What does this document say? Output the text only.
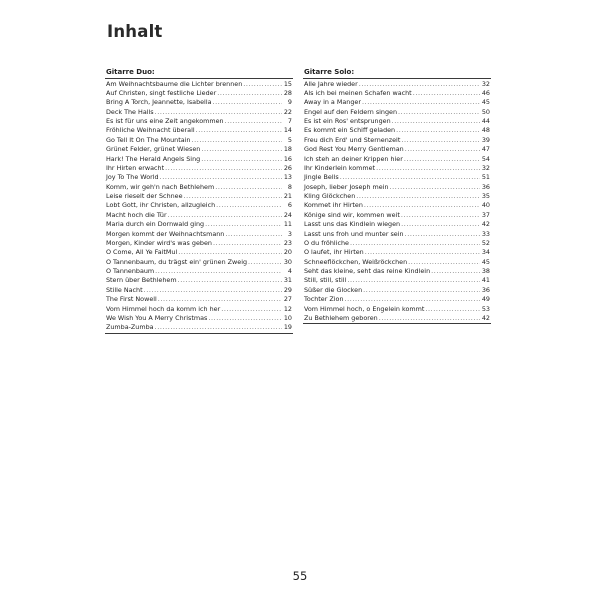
Inhalt
Gitarre Duo:
Am Weihnachtsbaume die Lichter brennen .....	15
Auf Christen, singt festliche Lieder .....	28
Bring A Torch, Jeannette, Isabella .....	9
Deck The Halls .....	22
Es ist für uns eine Zeit angekommen .....	7
Fröhliche Weihnacht überall .....	14
Go Tell It On The Mountain .....	5
Grünet Felder, grünet Wiesen .....	18
Hark! The Herald Angels Sing .....	16
Ihr Hirten erwacht .....	26
Joy To The World .....	13
Komm, wir geh'n nach Bethlehem .....	8
Leise rieselt der Schnee .....	21
Lobt Gott, ihr Christen, allzugleich .....	6
Macht hoch die Tür .....	24
Maria durch ein Dornwald ging .....	11
Morgen kommt der Weihnachtsmann .....	3
Morgen, Kinder wird's was geben .....	23
O Come, All Ye FaitMul .....	20
O Tannenbaum, du trägst ein' grünen Zweig .....	30
O Tannenbaum .....	4
Stern über Bethlehem .....	31
Stille Nacht .....	29
The First Nowell .....	27
Vom Himmel hoch da komm ich her .....	12
We Wish You A Merry Christmas .....	10
Zumba-Zumba .....	19
Gitarre Solo:
Alle Jahre wieder .....	32
Als ich bei meinen Schafen wacht .....	46
Away in a Manger .....	45
Engel auf den Feldern singen .....	50
Es ist ein Ros' entsprungen .....	44
Es kommt ein Schiff geladen .....	48
Freu dich Erd' und Sternenzelt .....	39
God Rest You Merry Gentleman .....	47
Ich steh an deiner Krippen hier .....	54
Ihr Kinderlein kommet .....	32
Jingle Bells .....	51
Joseph, lieber Joseph mein .....	36
Kling Glöckchen .....	35
Kommet ihr Hirten .....	40
Könige sind wir, kommen weit .....	37
Lasst uns das Kindlein wiegen .....	42
Lasst uns froh und munter sein .....	33
O du fröhliche .....	52
O laufet, ihr Hirten .....	34
Schneeflöckchen, Weißröckchen .....	45
Seht das kleine, seht das reine Kindlein .....	38
Still, still, still .....	41
Süßer die Glocken .....	36
Tochter Zion .....	49
Vom Himmel hoch, o Engelein kommt .....	53
Zu Bethlehem geboren .....	42
55
